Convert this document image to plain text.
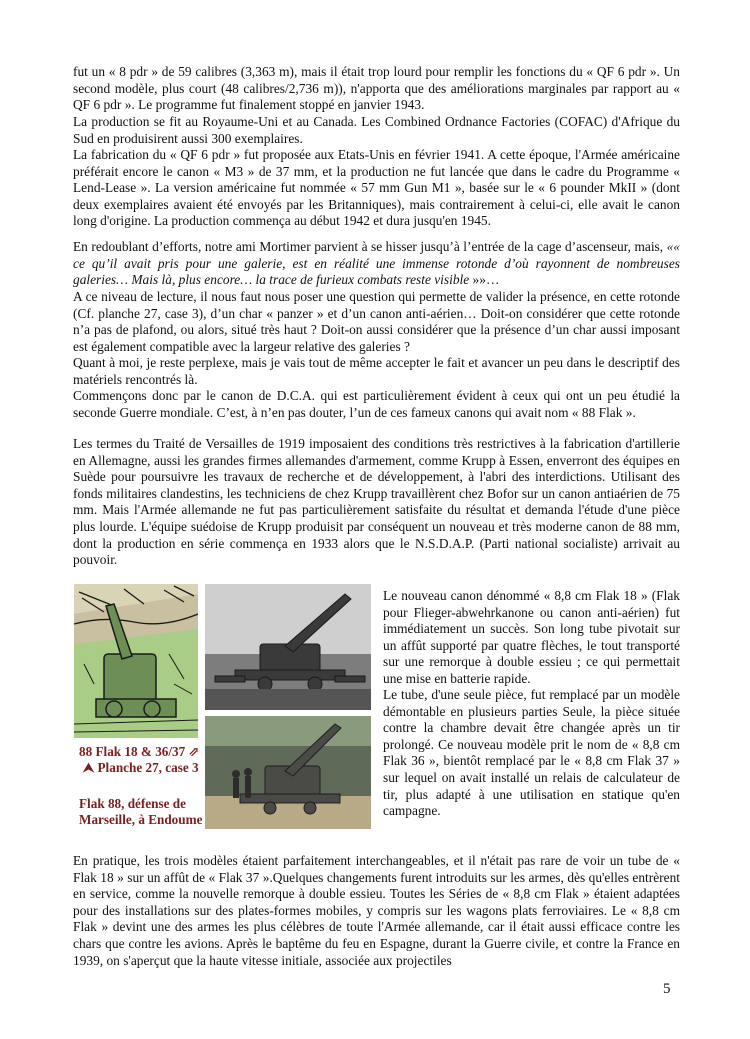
fut un « 8 pdr » de 59 calibres (3,363 m), mais il était trop lourd pour remplir les fonctions du « QF 6 pdr ». Un second modèle, plus court (48 calibres/2,736 m)), n'apporta que des améliorations marginales par rapport au « QF 6 pdr ». Le programme fut finalement stoppé en janvier 1943.

La production se fit au Royaume-Uni et au Canada. Les Combined Ordnance Factories (COFAC) d'Afrique du Sud en produisirent aussi 300 exemplaires.

La fabrication du « QF 6 pdr » fut proposée aux Etats-Unis en février 1941. A cette époque, l'Armée américaine préférait encore le canon « M3 » de 37 mm, et la production ne fut lancée que dans le cadre du Programme « Lend-Lease ». La version américaine fut nommée « 57 mm Gun M1 », basée sur le « 6 pounder MkII » (dont deux exemplaires avaient été envoyés par les Britanniques), mais contrairement à celui-ci, elle avait le canon long d'origine. La production commença au début 1942 et dura jusqu'en 1945.

En redoublant d’efforts, notre ami Mortimer parvient à se hisser jusqu’à l’entrée de la cage d’ascenseur, mais, «« ce qu’il avait pris pour une galerie, est en réalité une immense rotonde d’où rayonnent de nombreuses galeries… Mais là, plus encore… la trace de furieux combats reste visible »»…

A ce niveau de lecture, il nous faut nous poser une question qui permette de valider la présence, en cette rotonde (Cf. planche 27, case 3), d’un char « panzer » et d’un canon anti-aérien… Doit-on considérer que cette rotonde n’a pas de plafond, ou alors, situé très haut ? Doit-on aussi considérer que la présence d’un char aussi imposant est également compatible avec la largeur relative des galeries ?

Quant à moi, je reste perplexe, mais je vais tout de même accepter le fait et avancer un peu dans le descriptif des matériels rencontrés là.

Commençons donc par le canon de D.C.A. qui est particulièrement évident à ceux qui ont un peu étudié la seconde Guerre mondiale. C’est, à n’en pas douter, l’un de ces fameux canons qui avait nom « 88 Flak ».

Les termes du Traité de Versailles de 1919 imposaient des conditions très restrictives à la fabrication d'artillerie en Allemagne, aussi les grandes firmes allemandes d'armement, comme Krupp à Essen, enverront des équipes en Suède pour poursuivre les travaux de recherche et de développement, à l'abri des interdictions. Utilisant des fonds militaires clandestins, les techniciens de chez Krupp travaillèrent chez Bofor sur un canon antiaérien de 75 mm. Mais l'Armée allemande ne fut pas particulièrement satisfaite du résultat et demanda l'étude d'une pièce plus lourde. L'équipe suédoise de Krupp produisit par conséquent un nouveau et très moderne canon de 88 mm, dont la production en série commença en 1933 alors que le N.S.D.A.P. (Parti national socialiste) arrivait au pouvoir.

88 Flak 18 & 36/37 ⇗
⮝ Planche 27, case 3
Flak 88, défense de
Marseille, à Endoume

Le nouveau canon dénommé « 8,8 cm Flak 18 » (Flak pour Flieger-abwehrkanone ou canon anti-aérien) fut immédiatement un succès. Son long tube pivotait sur un affût supporté par quatre flèches, le tout transporté sur une remorque à double essieu ; ce qui permettait une mise en batterie rapide.

Le tube, d'une seule pièce, fut remplacé par un modèle démontable en plusieurs parties Seule, la pièce située contre la chambre devait être changée après un tir prolongé. Ce nouveau modèle prit le nom de « 8,8 cm Flak 36 », bientôt remplacé par le « 8,8 cm Flak 37 » sur lequel on avait installé un relais de calculateur de tir, plus adapté à une utilisation en statique qu'en campagne.

En pratique, les trois modèles étaient parfaitement interchangeables, et il n'était pas rare de voir un tube de « Flak 18 » sur un affût de « Flak 37 ».Quelques changements furent introduits sur les armes, dès qu'elles entrèrent en service, comme la nouvelle remorque à double essieu. Toutes les Séries de « 8,8 cm Flak » étaient adaptées pour des installations sur des plates-formes mobiles, y compris sur les wagons plats ferroviaires. Le « 8,8 cm Flak » devint une des armes les plus célèbres de toute l'Armée allemande, car il était aussi efficace contre les chars que contre les avions. Après le baptême du feu en Espagne, durant la Guerre civile, et contre la France en 1939, on s'aperçut que la haute vitesse initiale, associée aux projectiles

5
